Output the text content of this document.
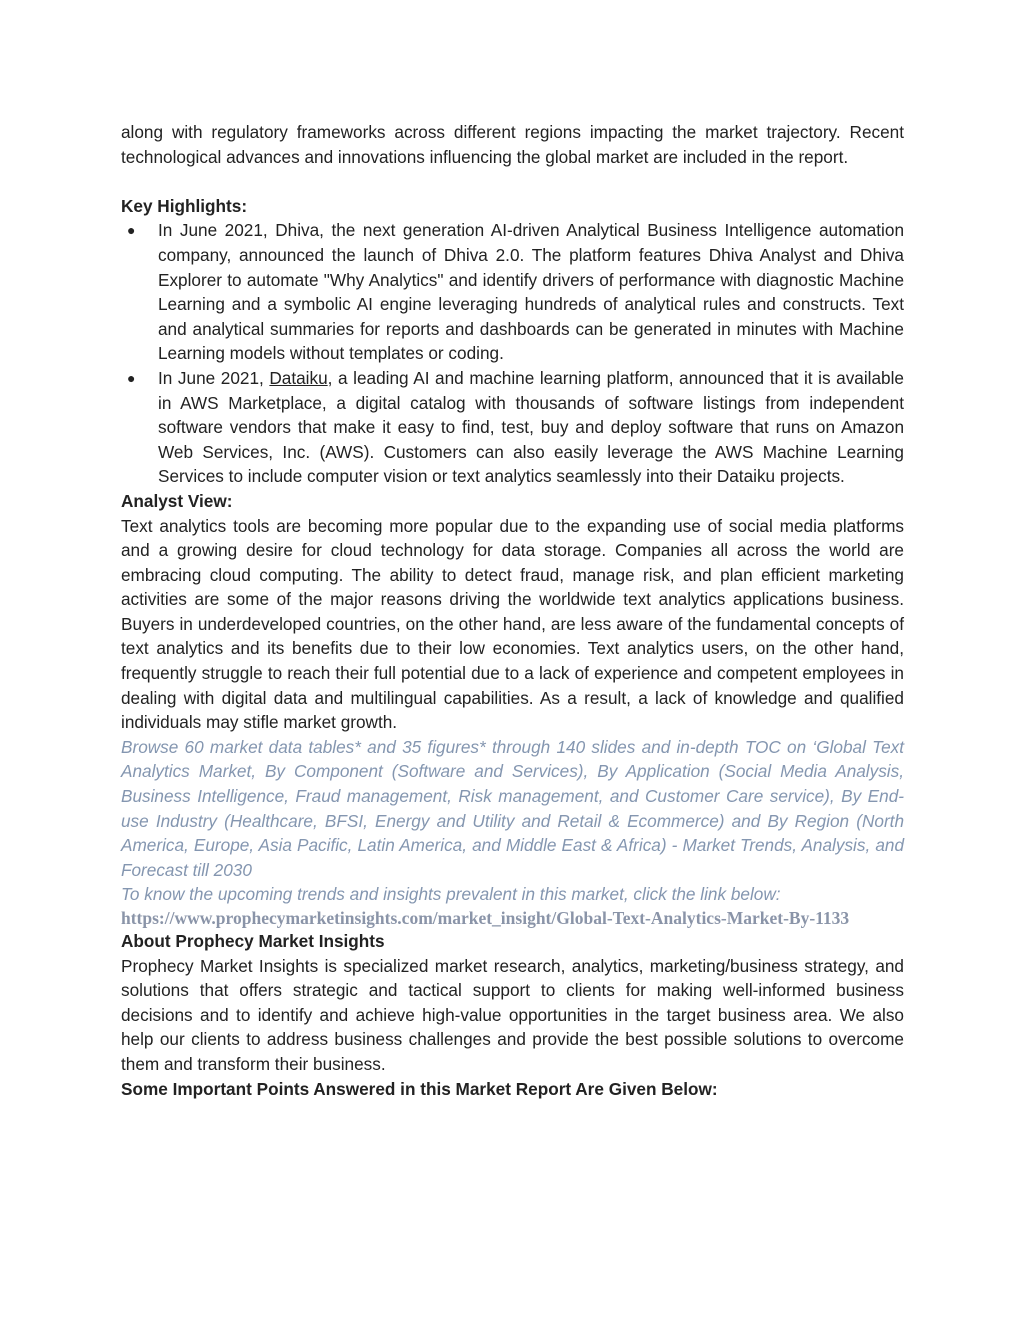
along with regulatory frameworks across different regions impacting the market trajectory. Recent technological advances and innovations influencing the global market are included in the report.

Key Highlights:

● In June 2021, Dhiva, the next generation AI-driven Analytical Business Intelligence automation company, announced the launch of Dhiva 2.0. The platform features Dhiva Analyst and Dhiva Explorer to automate "Why Analytics" and identify drivers of performance with diagnostic Machine Learning and a symbolic AI engine leveraging hundreds of analytical rules and constructs. Text and analytical summaries for reports and dashboards can be generated in minutes with Machine Learning models without templates or coding.
● In June 2021, Dataiku, a leading AI and machine learning platform, announced that it is available in AWS Marketplace, a digital catalog with thousands of software listings from independent software vendors that make it easy to find, test, buy and deploy software that runs on Amazon Web Services, Inc. (AWS). Customers can also easily leverage the AWS Machine Learning Services to include computer vision or text analytics seamlessly into their Dataiku projects.

Analyst View:

Text analytics tools are becoming more popular due to the expanding use of social media platforms and a growing desire for cloud technology for data storage. Companies all across the world are embracing cloud computing. The ability to detect fraud, manage risk, and plan efficient marketing activities are some of the major reasons driving the worldwide text analytics applications business. Buyers in underdeveloped countries, on the other hand, are less aware of the fundamental concepts of text analytics and its benefits due to their low economies. Text analytics users, on the other hand, frequently struggle to reach their full potential due to a lack of experience and competent employees in dealing with digital data and multilingual capabilities. As a result, a lack of knowledge and qualified individuals may stifle market growth.

Browse 60 market data tables* and 35 figures* through 140 slides and in-depth TOC on ‘Global Text Analytics Market, By Component (Software and Services), By Application (Social Media Analysis, Business Intelligence, Fraud management, Risk management, and Customer Care service), By End-use Industry (Healthcare, BFSI, Energy and Utility and Retail & Ecommerce) and By Region (North America, Europe, Asia Pacific, Latin America, and Middle East & Africa) - Market Trends, Analysis, and Forecast till 2030

To know the upcoming trends and insights prevalent in this market, click the link below:

https://www.prophecymarketinsights.com/market_insight/Global-Text-Analytics-Market-By-1133

About Prophecy Market Insights

Prophecy Market Insights is specialized market research, analytics, marketing/business strategy, and solutions that offers strategic and tactical support to clients for making well-informed business decisions and to identify and achieve high-value opportunities in the target business area. We also help our clients to address business challenges and provide the best possible solutions to overcome them and transform their business.

Some Important Points Answered in this Market Report Are Given Below:
